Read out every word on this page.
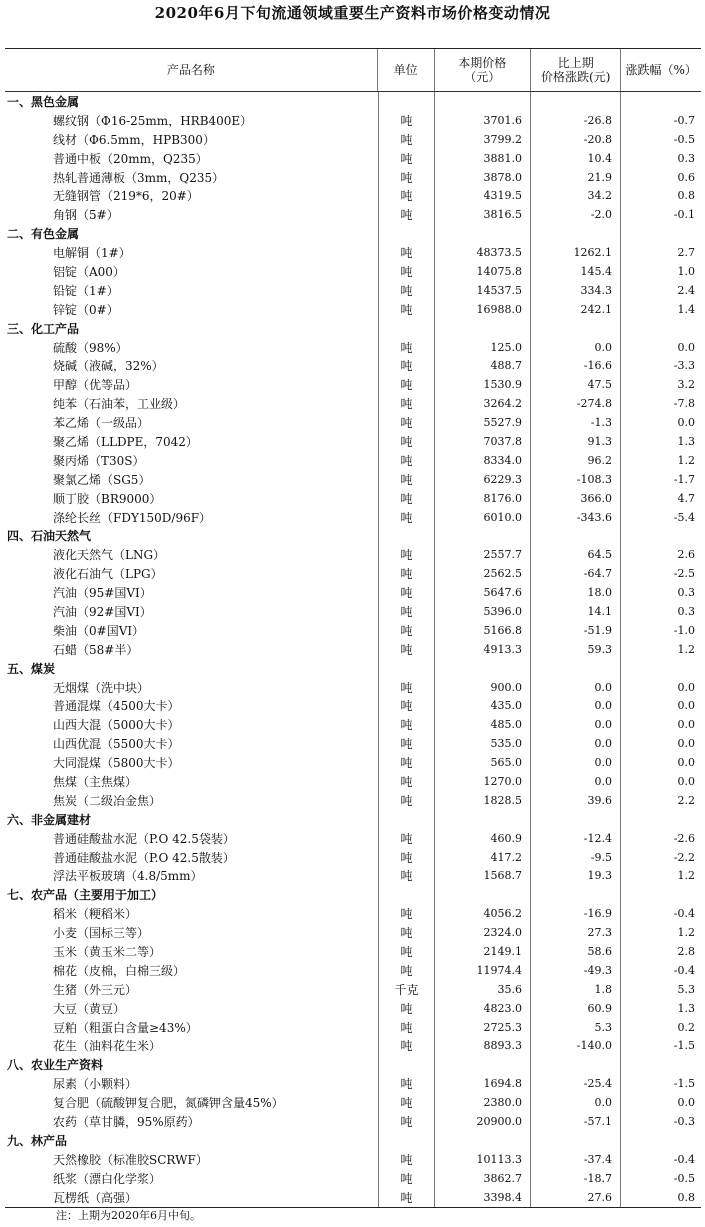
2020年6月下旬流通领域重要生产资料市场价格变动情况
产品名称	单位	本期价格
（元）
比上期
价格涨跌(元)	涨跌幅（%）
一、黑色金属
螺纹钢（Φ16-25mm，HRB400E）	吨	3701.6	-26.8	-0.7
线材（Φ6.5mm，HPB300）	吨	3799.2	-20.8	-0.5
普通中板（20mm，Q235）	吨	3881.0	10.4	0.3
热轧普通薄板（3mm，Q235）	吨	3878.0	21.9	0.6
无缝钢管（219*6，20#）	吨	4319.5	34.2	0.8
角钢（5#）	吨	3816.5	-2.0	-0.1
二、有色金属
电解铜（1#）	吨	48373.5	1262.1	2.7
铝锭（A00）	吨	14075.8	145.4	1.0
铅锭（1#）	吨	14537.5	334.3	2.4
锌锭（0#）	吨	16988.0	242.1	1.4
三、化工产品
硫酸（98%）	吨	125.0	0.0	0.0
烧碱（液碱，32%）	吨	488.7	-16.6	-3.3
甲醇（优等品）	吨	1530.9	47.5	3.2
纯苯（石油苯，工业级）	吨	3264.2	-274.8	-7.8
苯乙烯（一级品）	吨	5527.9	-1.3	0.0
聚乙烯（LLDPE，7042）	吨	7037.8	91.3	1.3
聚丙烯（T30S）	吨	8334.0	96.2	1.2
聚氯乙烯（SG5）	吨	6229.3	-108.3	-1.7
顺丁胶（BR9000）	吨	8176.0	366.0	4.7
涤纶长丝（FDY150D/96F）	吨	6010.0	-343.6	-5.4
四、石油天然气
液化天然气（LNG）	吨	2557.7	64.5	2.6
液化石油气（LPG）	吨	2562.5	-64.7	-2.5
汽油（95#国VI）	吨	5647.6	18.0	0.3
汽油（92#国VI）	吨	5396.0	14.1	0.3
柴油（0#国VI）	吨	5166.8	-51.9	-1.0
石蜡（58#半）	吨	4913.3	59.3	1.2
五、煤炭
无烟煤（洗中块）	吨	900.0	0.0	0.0
普通混煤（4500大卡）	吨	435.0	0.0	0.0
山西大混（5000大卡）	吨	485.0	0.0	0.0
山西优混（5500大卡）	吨	535.0	0.0	0.0
大同混煤（5800大卡）	吨	565.0	0.0	0.0
焦煤（主焦煤）	吨	1270.0	0.0	0.0
焦炭（二级冶金焦）	吨	1828.5	39.6	2.2
六、非金属建材
普通硅酸盐水泥（P.O 42.5袋装）	吨	460.9	-12.4	-2.6
普通硅酸盐水泥（P.O 42.5散装）	吨	417.2	-9.5	-2.2
浮法平板玻璃（4.8/5mm）	吨	1568.7	19.3	1.2
七、农产品（主要用于加工）
稻米（粳稻米）	吨	4056.2	-16.9	-0.4
小麦（国标三等）	吨	2324.0	27.3	1.2
玉米（黄玉米二等）	吨	2149.1	58.6	2.8
棉花（皮棉，白棉三级）	吨	11974.4	-49.3	-0.4
生猪（外三元）	千克	35.6	1.8	5.3
大豆（黄豆）	吨	4823.0	60.9	1.3
豆粕（粗蛋白含量≥43%）	吨	2725.3	5.3	0.2
花生（油料花生米）	吨	8893.3	-140.0	-1.5
八、农业生产资料
尿素（小颗料）	吨	1694.8	-25.4	-1.5
复合肥（硫酸钾复合肥，氮磷钾含量45%）	吨	2380.0	0.0	0.0
农药（草甘膦，95%原药）	吨	20900.0	-57.1	-0.3
九、林产品
天然橡胶（标准胶SCRWF）	吨	10113.3	-37.4	-0.4
纸浆（漂白化学浆）	吨	3862.7	-18.7	-0.5
瓦楞纸（高强）	吨	3398.4	27.6	0.8
注：上期为2020年6月中旬。
